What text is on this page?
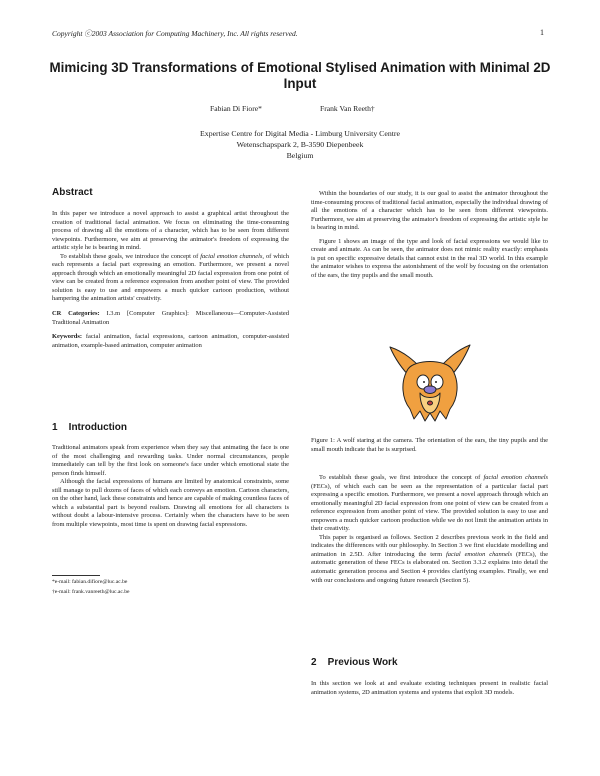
Copyright ⓒ2003 Association for Computing Machinery, Inc. All rights reserved.	1
Mimicing 3D Transformations of Emotional Stylised Animation with Minimal 2D Input
Fabian Di Fiore*	Frank Van Reeth†
Expertise Centre for Digital Media - Limburg University Centre
Wetenschapspark 2, B-3590 Diepenbeek
Belgium
Abstract

In this paper we introduce a novel approach to assist a graphical artist throughout the creation of traditional facial animation. We focus on eliminating the time-consuming process of drawing all the emotions of a character, which has to be seen from different viewpoints. Furthermore, we aim at preserving the animator's freedom of expressing the artistic style he is bearing in mind.

To establish these goals, we introduce the concept of facial emotion channels, of which each represents a facial part expressing an emotion. Furthermore, we present a novel approach through which an emotionally meaningful 2D facial expression from one point of view can be created from a reference expression from another point of view. The provided solution is easy to use and empowers a much quicker cartoon production, without hampering the animation artists' creativity.

CR Categories: I.3.m [Computer Graphics]: Miscellaneous—Computer-Assisted Traditional Animation

Keywords: facial animation, facial expressions, cartoon animation, computer-assisted animation, example-based animation, computer animation

1    Introduction

Traditional animators speak from experience when they say that animating the face is one of the most challenging and rewarding tasks. Under normal circumstances, people immediately can tell by the first look on someone's face under which emotional state the person finds himself.

Although the facial expressions of humans are limited by anatomical constraints, some still manage to pull dozens of faces of which each conveys an emotion. Cartoon characters, on the other hand, lack these constraints and hence are capable of making countless faces of which a substantial part is beyond realism. Drawing all emotions for all characters is without doubt a labour-intensive process. Certainly when the characters have to be seen from multiple viewpoints, most time is spent on drawing facial expressions.

*e-mail: fabian.difiore@luc.ac.be
†e-mail: frank.vanreeth@luc.ac.be

Within the boundaries of our study, it is our goal to assist the animator throughout the time-consuming process of traditional facial animation, especially the individual drawing of all the emotions of a character which has to be seen from different viewpoints. Furthermore, we aim at preserving the animator's freedom of expressing the artistic style he is bearing in mind.

Figure 1 shows an image of the type and look of facial expressions we would like to create and animate. As can be seen, the animator does not mimic reality exactly: emphasis is put on specific expressive details that cannot exist in the real 3D world. In this example the animator wishes to express the astonishment of the wolf by focusing on the orientation of the ears, the tiny pupils and the small mouth.

Figure 1: A wolf staring at the camera. The orientation of the ears, the tiny pupils and the small mouth indicate that he is surprised.

To establish these goals, we first introduce the concept of facial emotion channels (FECs), of which each can be seen as the representation of a particular facial part expressing a specific emotion. Furthermore, we present a novel approach through which an emotionally meaningful 2D facial expression from one point of view can be created from a reference expression from another point of view. The provided solution is easy to use and empowers a much quicker cartoon production while we do not limit the animation artists in their creativity.

This paper is organised as follows. Section 2 describes previous work in the field and indicates the differences with our philosophy. In Section 3 we first elucidate modelling and animation in 2.5D. After introducing the term facial emotion channels (FECs), the automatic generation of these FECs is elaborated on. Section 3.3.2 explains into detail the automatic generation process and Section 4 provides clarifying examples. Finally, we end with our conclusions and ongoing future research (Section 5).

2    Previous Work

In this section we look at and evaluate existing techniques present in realistic facial animation systems, 2D animation systems and systems that exploit 3D models.
